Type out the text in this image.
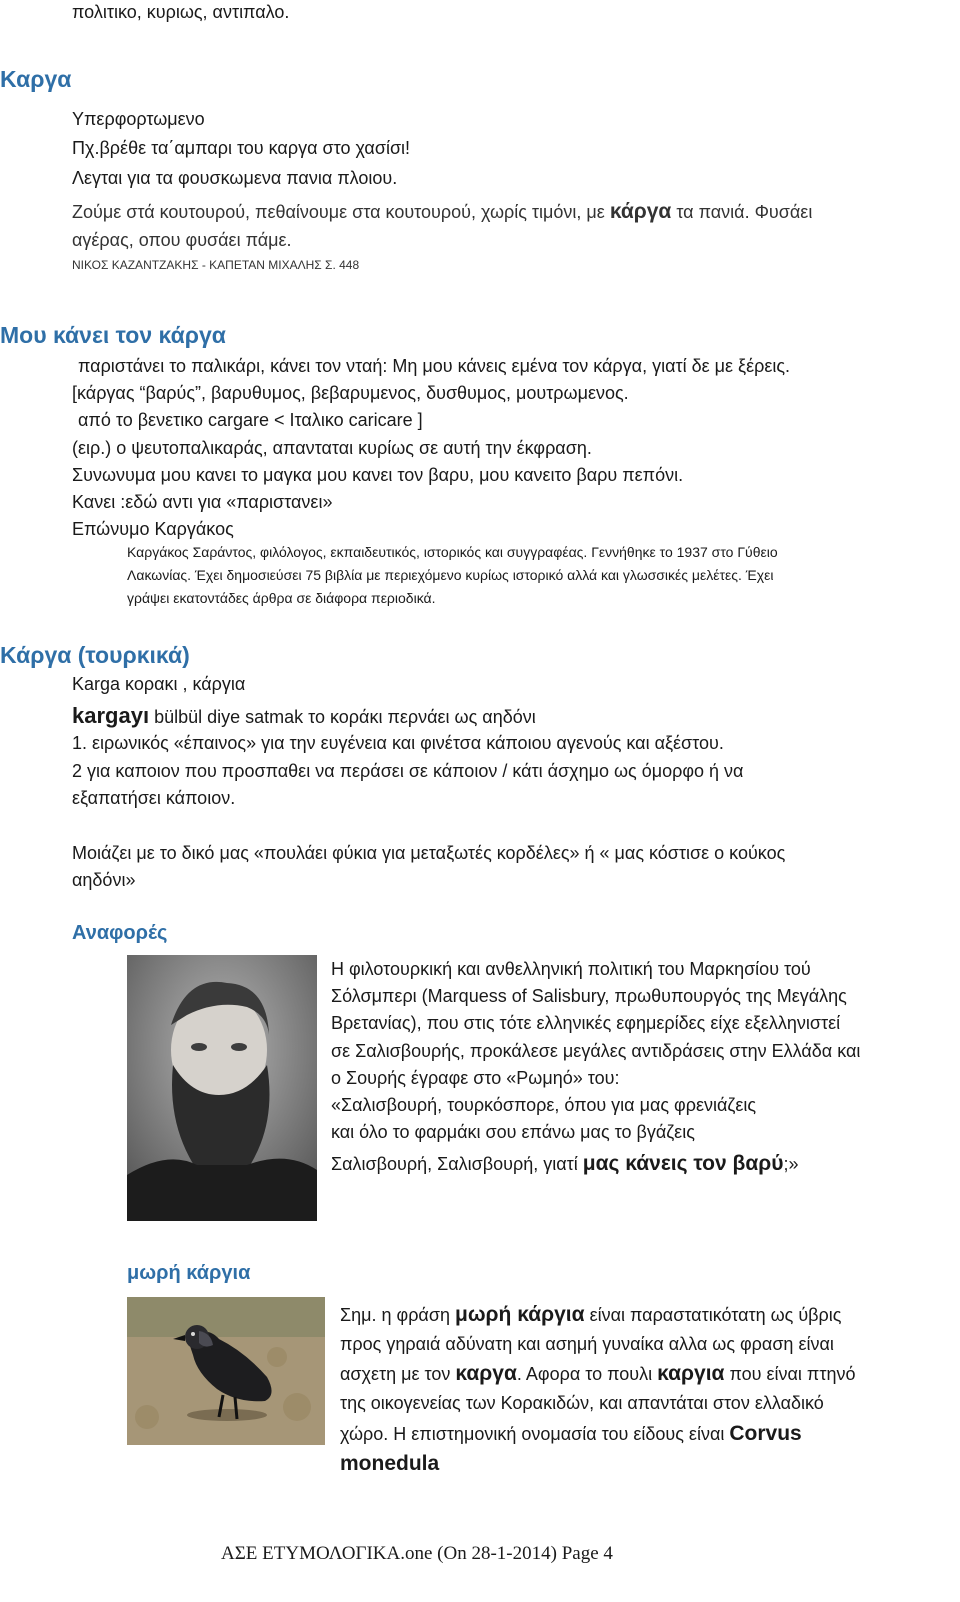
πολιτικο, κυριως, αντιπαλο.
Καργα
Υπερφορτωμενο
Πχ.βρέθε τα΄αμπαρι του καργα στο χασίσι!
Λεγται για τα φουσκωμενα πανια πλοιου.
Ζούμε στά κουτουρού, πεθαίνουμε στα κουτουρού, χωρίς τιμόνι, με κάργα τα πανιά. Φυσάει
αγέρας, οπου φυσάει πάμε.
ΝΙΚΟΣ ΚΑΖΑΝΤΖΑΚΗΣ - ΚΑΠΕΤΑΝ ΜΙΧΑΛΗΣ Σ. 448
Μου κάνει τον κάργα
παριστάνει το παλικάρι, κάνει τον νταή: Μη μου κάνεις εμένα τον κάργα, γιατί δε με ξέρεις.
[κάργας “βαρύς”, βαρυθυμος, βεβαρυμενος, δυσθυμος, μουτρωμενος.
από το βενετικο cargare < Ιταλικο caricare ]
(ειρ.) ο ψευτοπαλικαράς, απανταται κυρίως σε αυτή την έκφραση.
Συνωνυμα μου κανει το μαγκα μου κανει τον βαρυ, μου κανειτο βαρυ πεπόνι.
Κανει :εδώ αντι για «παριστανει»
Επώνυμο Καργάκος
Καργάκος Σαράντος, φιλόλογος, εκπαιδευτικός, ιστορικός και συγγραφέας. Γεννήθηκε το 1937 στο Γύθειο
Λακωνίας. Έχει δημοσιεύσει 75 βιβλία με περιεχόμενο κυρίως ιστορικό αλλά και γλωσσικές μελέτες. Έχει
γράψει εκατοντάδες άρθρα σε διάφορα περιοδικά.
Κάργα (τουρκικά)
Karga κορακι , κάργια
kargayı bülbül diye satmak το κοράκι περνάει ως αηδόνι
1. ειρωνικός «έπαινος» για την ευγένεια και φινέτσα κάποιου αγενούς και αξέστου.
2 για καποιον που προσπαθει να περάσει σε κάποιον / κάτι άσχημο ως όμορφο ή να
εξαπατήσει κάποιον.
Μοιάζει με το δικό μας «πουλάει φύκια για μεταξωτές κορδέλες» ή « μας κόστισε ο κούκος
αηδόνι»
Αναφορές
Η φιλοτουρκική και ανθελληνική πολιτική του Μαρκησίου τού
Σόλσμπερι (Marquess of Salisbury, πρωθυπουργός της Μεγάλης
Βρετανίας), που στις τότε ελληνικές εφημερίδες είχε εξελληνιστεί
σε Σαλισβουρής, προκάλεσε μεγάλες αντιδράσεις στην Ελλάδα και
ο Σουρής έγραφε στο «Ρωμηό» του:
«Σαλισβουρή, τουρκόσπορε, όπου για μας φρενιάζεις
και όλο το φαρμάκι σου επάνω μας το βγάζεις
Σαλισβουρή, Σαλισβουρή, γιατί μας κάνεις τον βαρύ;»
μωρή κάργια
Σημ. η φράση μωρή κάργια είναι παραστατικότατη ως ύβρις
προς γηραιά αδύνατη και ασημή γυναίκα αλλα ως φραση είναι
ασχετη με τον καργα. Αφορα το πουλι καργια που είναι πτηνό
της οικογενείας των Κορακιδών, και απαντάται στον ελλαδικό
χώρο. Η επιστημονική ονομασία του είδους είναι Corvus
monedula
ΑΣΕ ΕΤΥΜΟΛΟΓΙΚΑ.one (On 28-1-2014) Page 4
